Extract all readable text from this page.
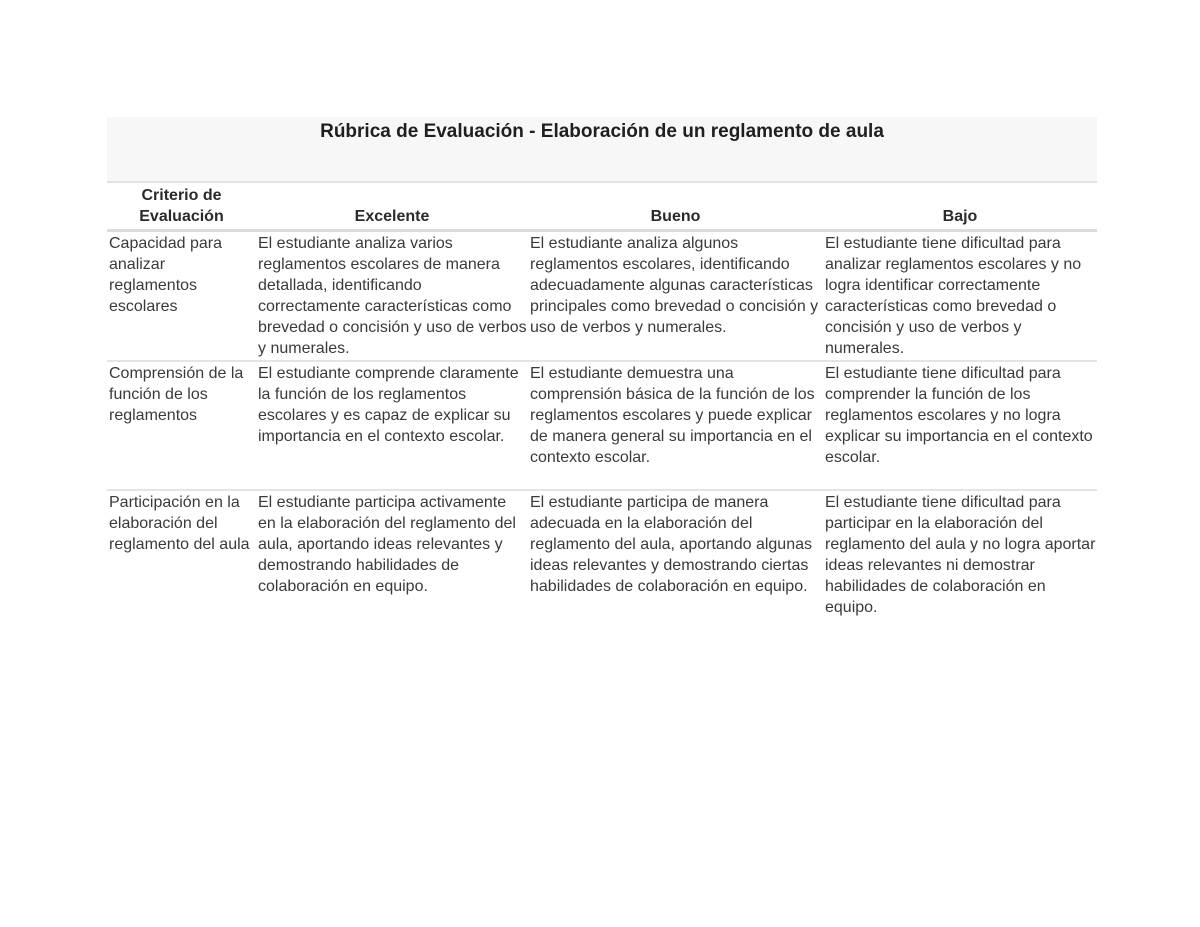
Rúbrica de Evaluación - Elaboración de un reglamento de aula
Criterio de Evaluación	Excelente	Bueno	Bajo
Capacidad para analizar reglamentos escolares	El estudiante analiza varios reglamentos escolares de manera detallada, identificando correctamente características como brevedad o concisión y uso de verbos y numerales.	El estudiante analiza algunos reglamentos escolares, identificando adecuadamente algunas características principales como brevedad o concisión y uso de verbos y numerales.	El estudiante tiene dificultad para analizar reglamentos escolares y no logra identificar correctamente características como brevedad o concisión y uso de verbos y numerales.
Comprensión de la función de los reglamentos	El estudiante comprende claramente la función de los reglamentos escolares y es capaz de explicar su importancia en el contexto escolar.	El estudiante demuestra una comprensión básica de la función de los reglamentos escolares y puede explicar de manera general su importancia en el contexto escolar.	El estudiante tiene dificultad para comprender la función de los reglamentos escolares y no logra explicar su importancia en el contexto escolar.
Participación en la elaboración del reglamento del aula	El estudiante participa activamente en la elaboración del reglamento del aula, aportando ideas relevantes y demostrando habilidades de colaboración en equipo.	El estudiante participa de manera adecuada en la elaboración del reglamento del aula, aportando algunas ideas relevantes y demostrando ciertas habilidades de colaboración en equipo.	El estudiante tiene dificultad para participar en la elaboración del reglamento del aula y no logra aportar ideas relevantes ni demostrar habilidades de colaboración en equipo.
